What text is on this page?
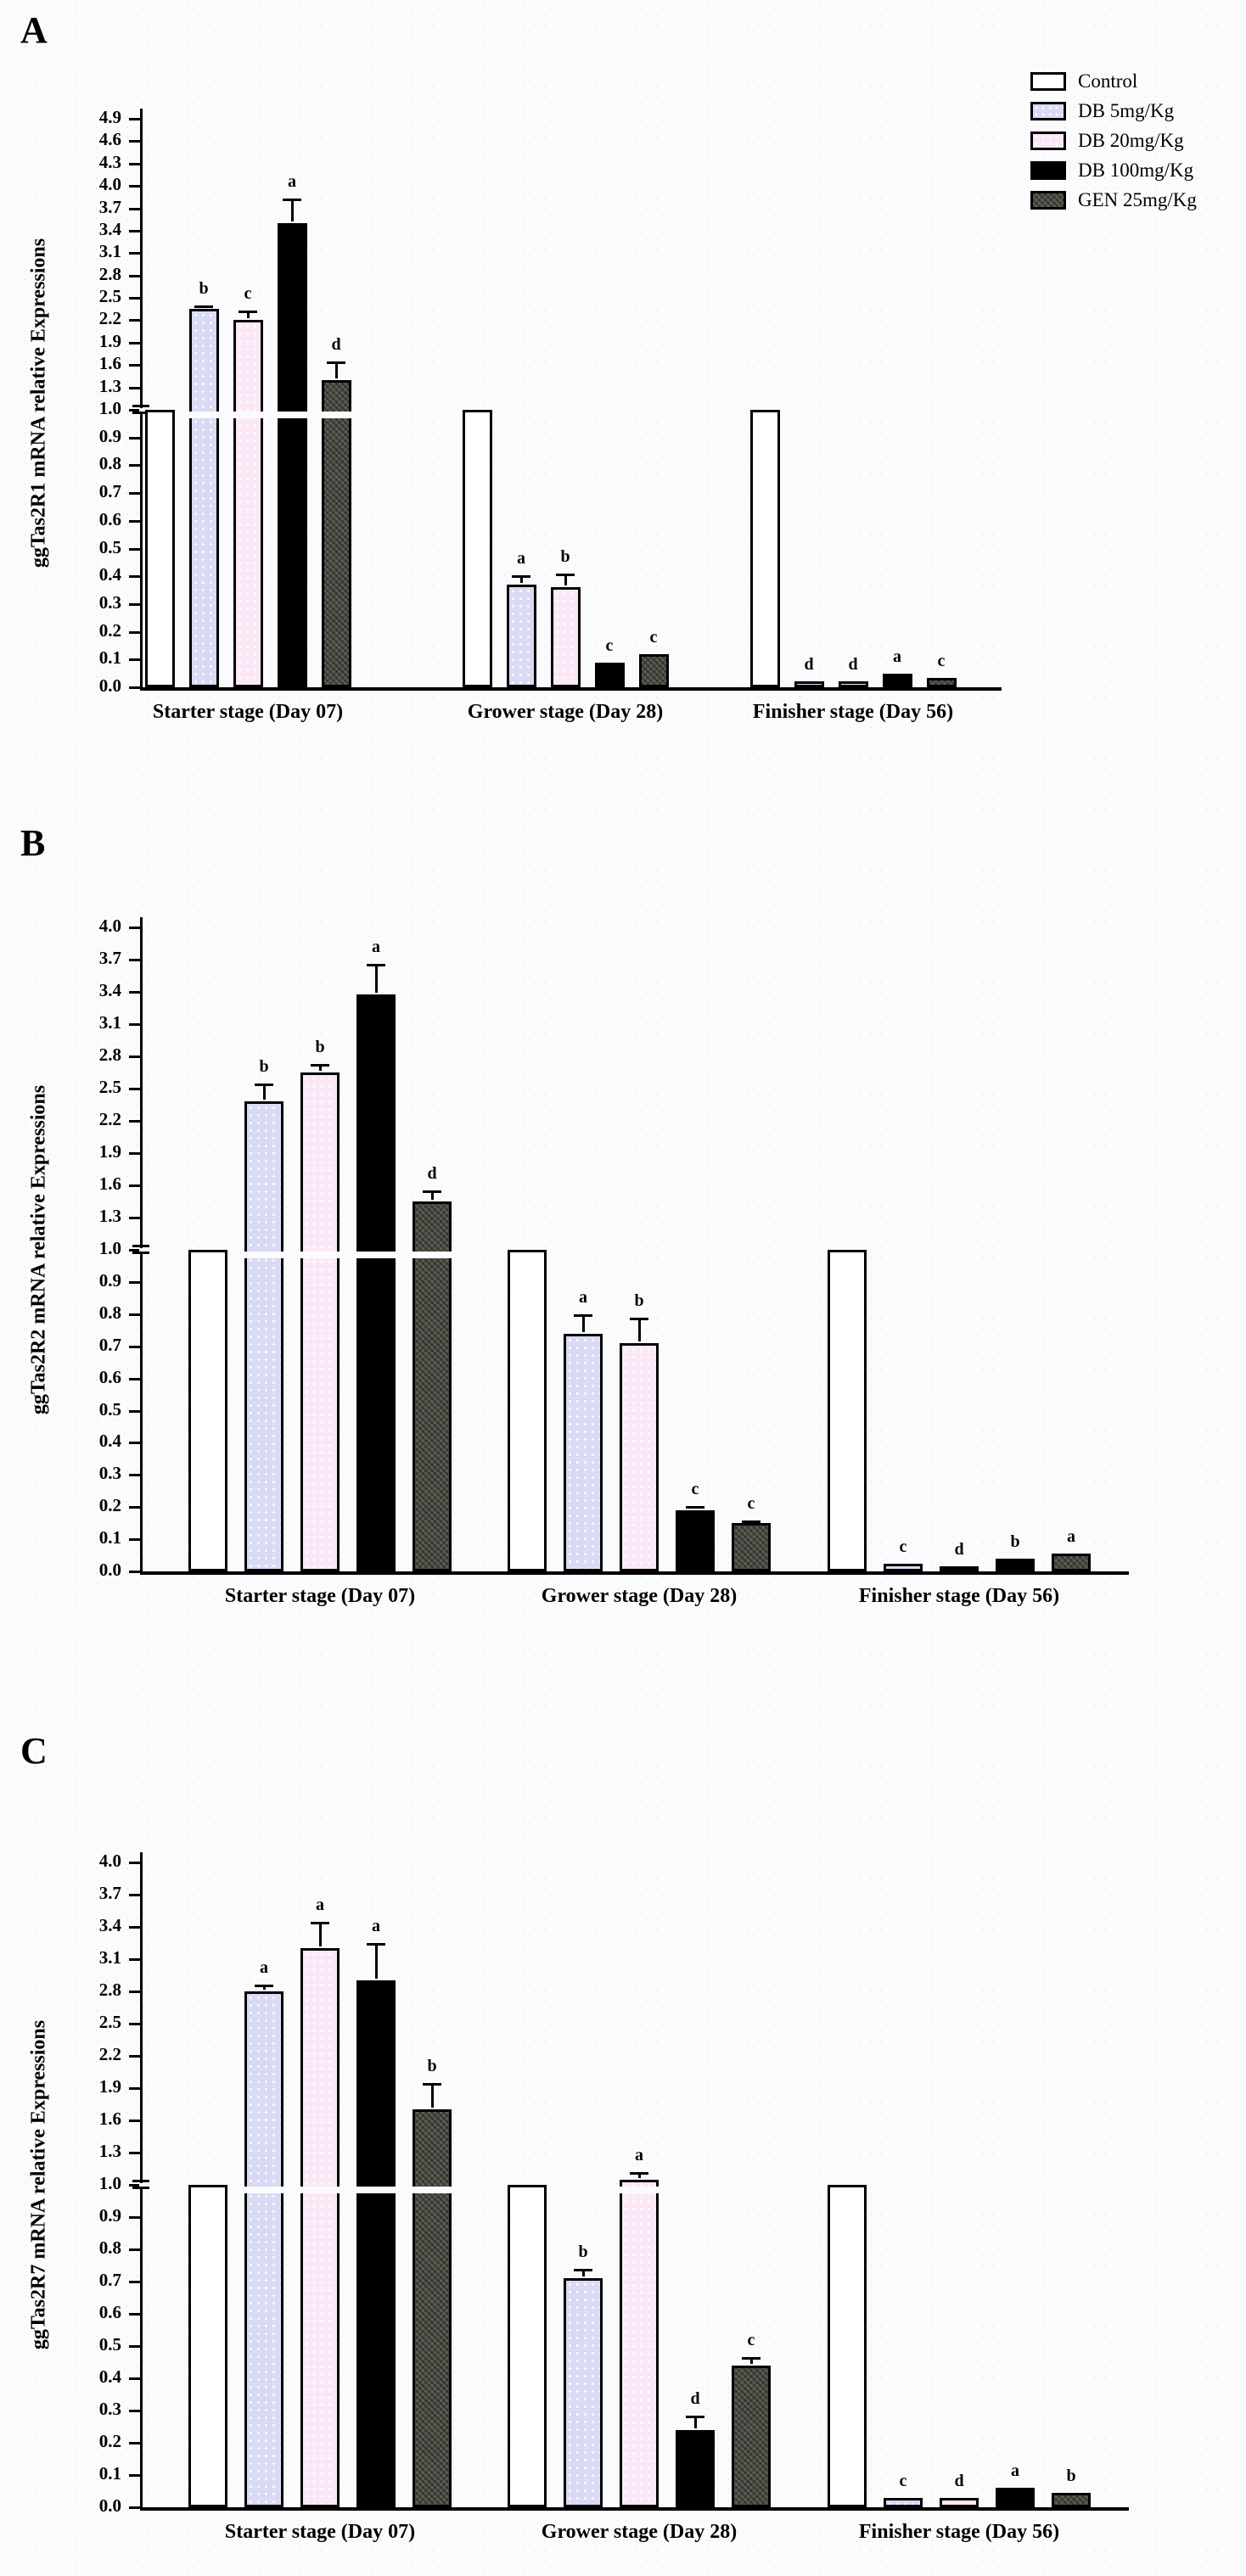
A
ggTas2R1 mRNA relative Expressions
4.9
4.6
4.3
4.0
3.7
3.4
3.1
2.8
2.5
2.2
1.9
1.6
1.3
1.0
0.9
0.8
0.7
0.6
0.5
0.4
0.3
0.2
0.1
0.0
Starter stage (Day 07)
b	c
a
d
Grower stage (Day 28)
a	b
c	c
Finisher stage (Day 56)
d	d	a	c
B
ggTas2R2 mRNA relative Expressions
4.0
3.7
3.4
3.1
2.8
2.5
2.2
1.9
1.6
1.3
1.0
0.9
0.8
0.7
0.6
0.5
0.4
0.3
0.2
0.1
0.0
Starter stage (Day 07)
b
b
a
d
Grower stage (Day 28)
a	b
c
c
Finisher stage (Day 56)
c	d	b	a
C
ggTas2R7 mRNA relative Expressions
4.0
3.7
3.4
3.1
2.8
2.5
2.2
1.9
1.6
1.3
1.0
0.9
0.8
0.7
0.6
0.5
0.4
0.3
0.2
0.1
0.0
Starter stage (Day 07)
a
a
a
b
Grower stage (Day 28)
b
a
d
c
Finisher stage (Day 56)
c	d
a	b
Control
DB 5mg/Kg
DB 20mg/Kg
DB 100mg/Kg
GEN 25mg/Kg
